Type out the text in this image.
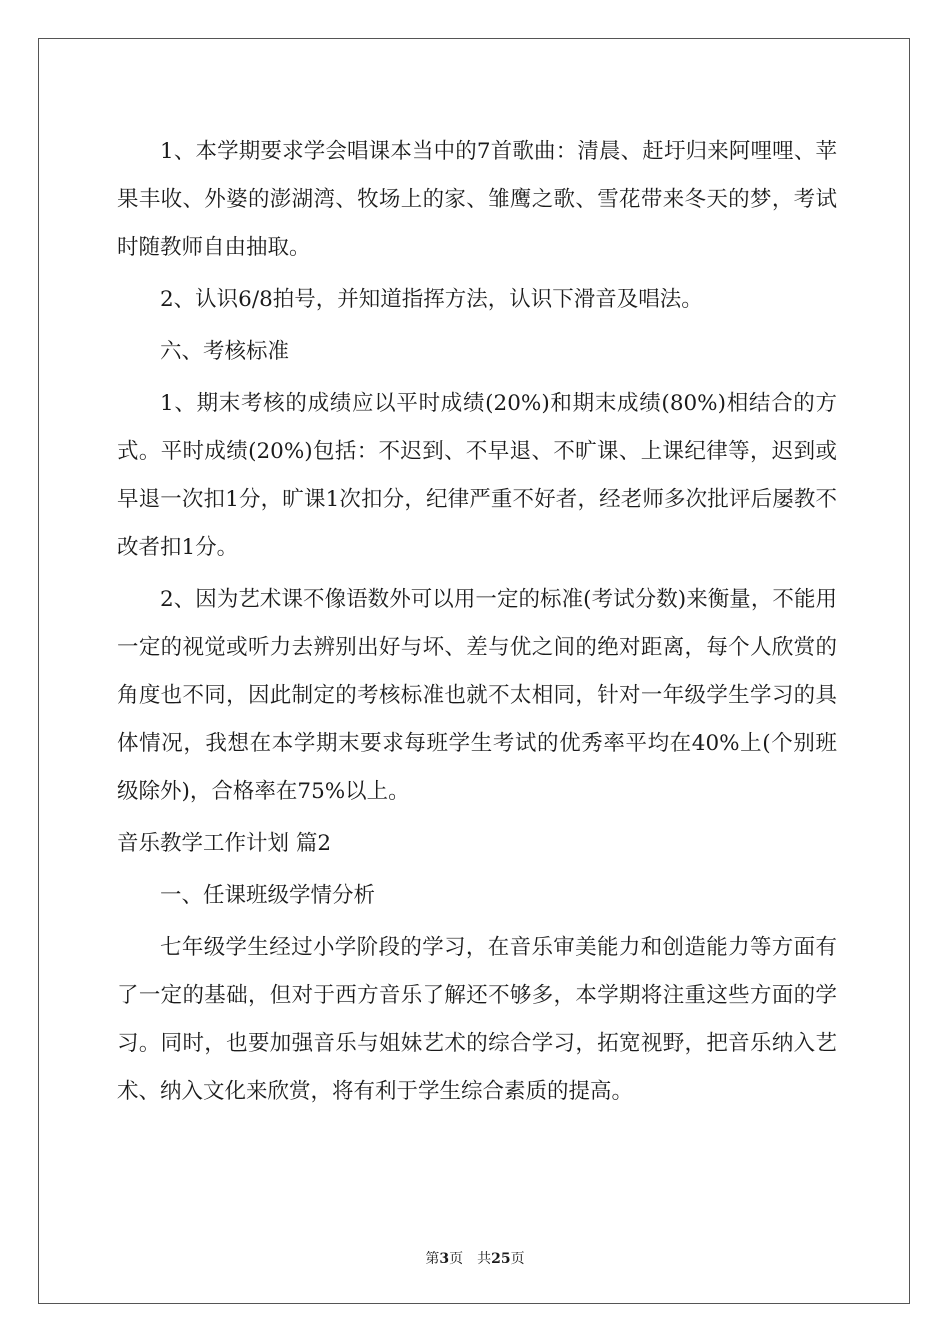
1、本学期要求学会唱课本当中的7首歌曲：清晨、赶圩归来阿哩哩、苹果丰收、外婆的澎湖湾、牧场上的家、雏鹰之歌、雪花带来冬天的梦，考试时随教师自由抽取。

2、认识6/8拍号，并知道指挥方法，认识下滑音及唱法。

六、考核标准

1、期末考核的成绩应以平时成绩(20%)和期末成绩(80%)相结合的方式。平时成绩(20%)包括：不迟到、不早退、不旷课、上课纪律等，迟到或早退一次扣1分，旷课1次扣分，纪律严重不好者，经老师多次批评后屡教不改者扣1分。

2、因为艺术课不像语数外可以用一定的标准(考试分数)来衡量，不能用一定的视觉或听力去辨别出好与坏、差与优之间的绝对距离，每个人欣赏的角度也不同，因此制定的考核标准也就不太相同，针对一年级学生学习的具体情况，我想在本学期末要求每班学生考试的优秀率平均在40%上(个别班级除外)，合格率在75%以上。

音乐教学工作计划 篇2

一、任课班级学情分析

七年级学生经过小学阶段的学习，在音乐审美能力和创造能力等方面有了一定的基础，但对于西方音乐了解还不够多，本学期将注重这些方面的学习。同时，也要加强音乐与姐妹艺术的综合学习，拓宽视野，把音乐纳入艺术、纳入文化来欣赏，将有利于学生综合素质的提高。

第3页 共25页
